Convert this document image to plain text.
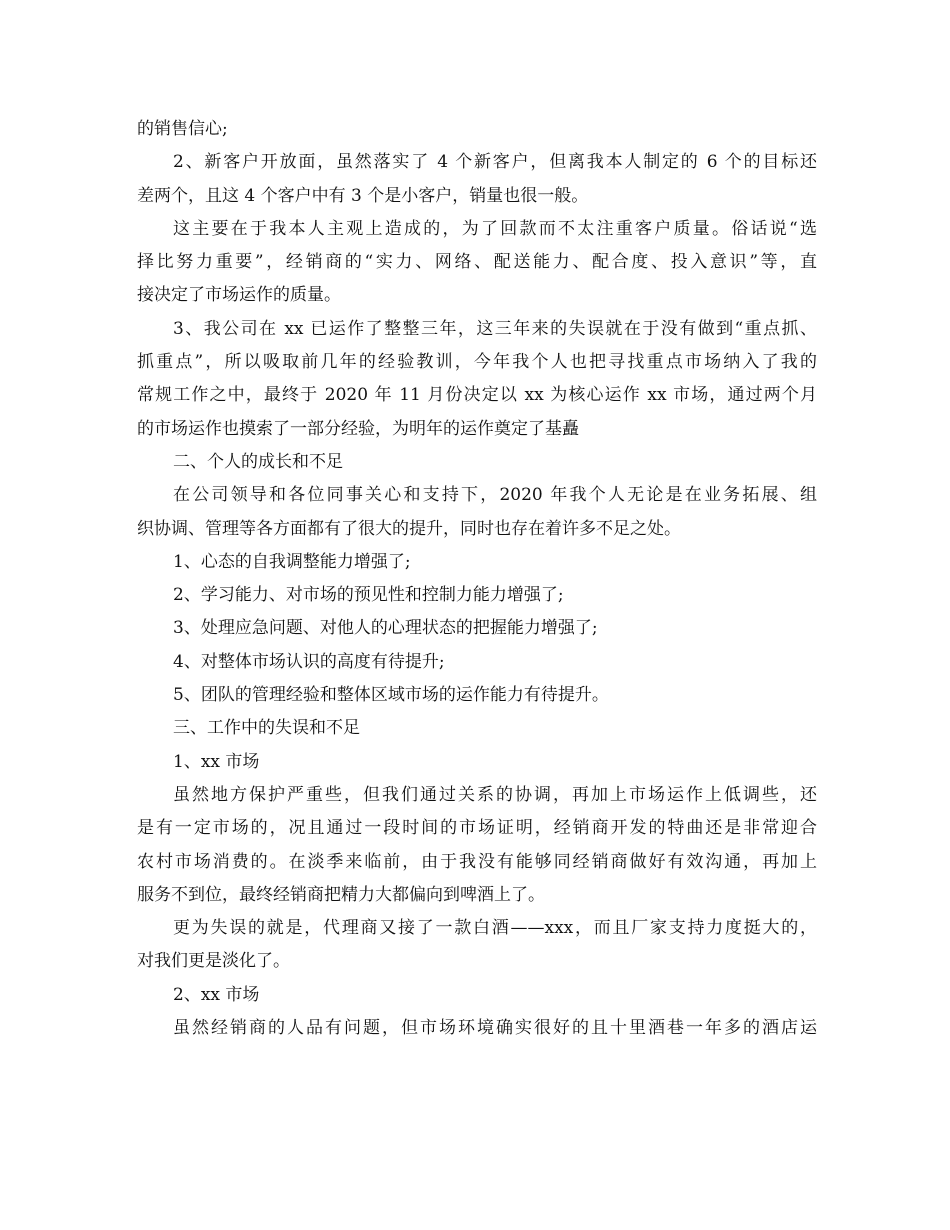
的销售信心;
2、新客户开放面，虽然落实了 4 个新客户，但离我本人制定的 6 个的目标还
差两个，且这 4 个客户中有 3 个是小客户，销量也很一般。
这主要在于我本人主观上造成的，为了回款而不太注重客户质量。俗话说“选
择比努力重要”，经销商的“实力、网络、配送能力、配合度、投入意识”等，直
接决定了市场运作的质量。
3、我公司在 xx 已运作了整整三年，这三年来的失误就在于没有做到“重点抓、
抓重点”，所以吸取前几年的经验教训，今年我个人也把寻找重点市场纳入了我的
常规工作之中，最终于 2020 年 11 月份决定以 xx 为核心运作 xx 市场，通过两个月
的市场运作也摸索了一部分经验，为明年的运作奠定了基矗
二、个人的成长和不足
在公司领导和各位同事关心和支持下，2020 年我个人无论是在业务拓展、组
织协调、管理等各方面都有了很大的提升，同时也存在着许多不足之处。
1、心态的自我调整能力增强了;
2、学习能力、对市场的预见性和控制力能力增强了;
3、处理应急问题、对他人的心理状态的把握能力增强了;
4、对整体市场认识的高度有待提升;
5、团队的管理经验和整体区域市场的运作能力有待提升。
三、工作中的失误和不足
1、xx 市场
虽然地方保护严重些，但我们通过关系的协调，再加上市场运作上低调些，还
是有一定市场的，况且通过一段时间的市场证明，经销商开发的特曲还是非常迎合
农村市场消费的。在淡季来临前，由于我没有能够同经销商做好有效沟通，再加上
服务不到位，最终经销商把精力大都偏向到啤酒上了。
更为失误的就是，代理商又接了一款白酒——xxx，而且厂家支持力度挺大的，
对我们更是淡化了。
2、xx 市场
虽然经销商的人品有问题，但市场环境确实很好的且十里酒巷一年多的酒店运
